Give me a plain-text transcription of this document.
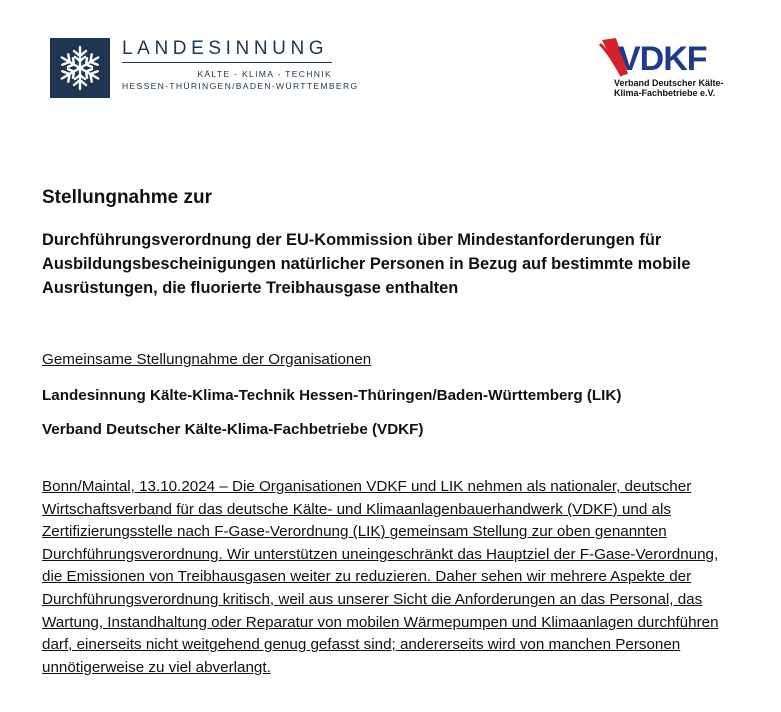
LANDESINNUNG
KÄLTE - KLIMA - TECHNIK
HESSEN-THÜRINGEN/BADEN-WÜRTTEMBERG
VDKF
Verband Deutscher Kälte-
Klima-Fachbetriebe e.V.
Stellungnahme zur
Durchführungsverordnung der EU-Kommission über Mindestanforderungen für
Ausbildungsbescheinigungen natürlicher Personen in Bezug auf bestimmte mobile
Ausrüstungen, die fluorierte Treibhausgase enthalten
Gemeinsame Stellungnahme der Organisationen
Landesinnung Kälte-Klima-Technik Hessen-Thüringen/Baden-Württemberg (LIK)
Verband Deutscher Kälte-Klima-Fachbetriebe (VDKF)
Bonn/Maintal, 13.10.2024 – Die Organisationen VDKF und LIK nehmen als nationaler, deutscher
Wirtschaftsverband für das deutsche Kälte- und Klimaanlagenbauerhandwerk (VDKF) und als
Zertifizierungsstelle nach F-Gase-Verordnung (LIK) gemeinsam Stellung zur oben genannten
Durchführungsverordnung. Wir unterstützen uneingeschränkt das Hauptziel der F-Gase-Verordnung,
die Emissionen von Treibhausgasen weiter zu reduzieren. Daher sehen wir mehrere Aspekte der
Durchführungsverordnung kritisch, weil aus unserer Sicht die Anforderungen an das Personal, das
Wartung, Instandhaltung oder Reparatur von mobilen Wärmepumpen und Klimaanlagen durchführen
darf, einerseits nicht weitgehend genug gefasst sind; andererseits wird von manchen Personen
unnötigerweise zu viel abverlangt.
